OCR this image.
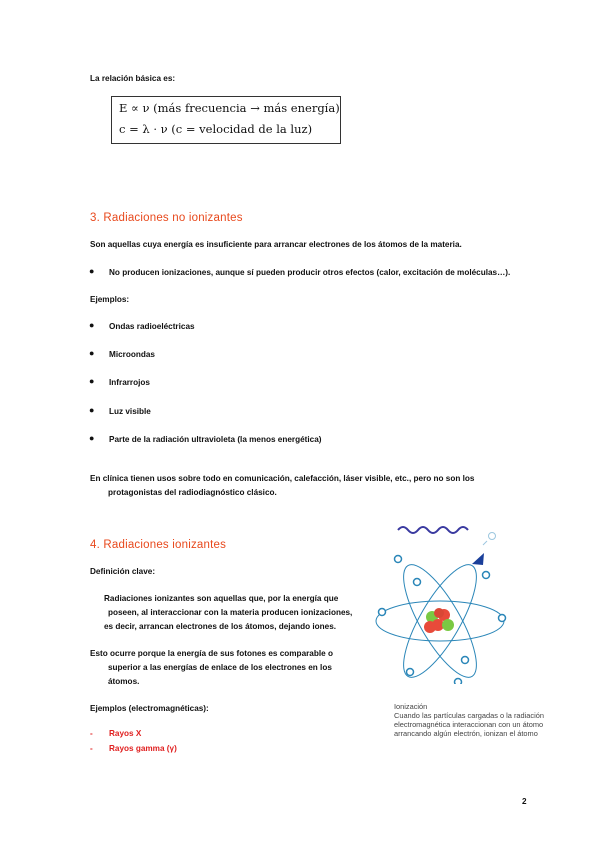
La relación básica es:
E ∝ ν (más frecuencia → más energía)
c = λ · ν (c = velocidad de la luz)
3. Radiaciones no ionizantes
Son aquellas cuya energía es insuficiente para arrancar electrones de los átomos de la materia.
● No producen ionizaciones, aunque sí pueden producir otros efectos (calor, excitación de moléculas…).
Ejemplos:
● Ondas radioeléctricas
● Microondas
● Infrarrojos
● Luz visible
● Parte de la radiación ultravioleta (la menos energética)
En clínica tienen usos sobre todo en comunicación, calefacción, láser visible, etc., pero no son los
protagonistas del radiodiagnóstico clásico.
4. Radiaciones ionizantes
Definición clave:
Radiaciones ionizantes son aquellas que, por la energía que
poseen, al interaccionar con la materia producen ionizaciones,
es decir, arrancan electrones de los átomos, dejando iones.
Esto ocurre porque la energía de sus fotones es comparable o
superior a las energías de enlace de los electrones en los
átomos.
Ejemplos (electromagnéticas):
- Rayos X
- Rayos gamma (γ)
Ionización
Cuando las partículas cargadas o la radiación
electromagnética interaccionan con un átomo
arrancando algún electrón, ionizan el átomo
2
